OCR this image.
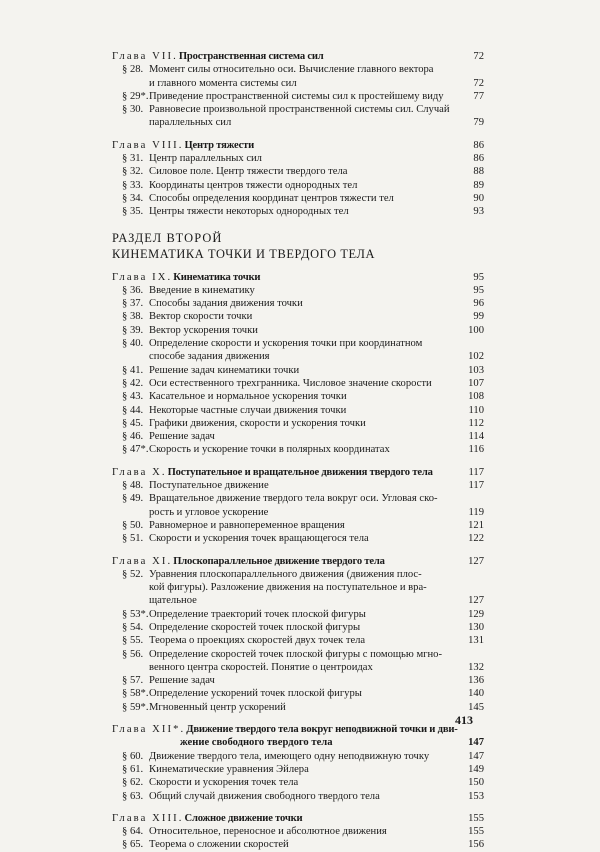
Глава VII. Пространственная система сил	72
§ 28. Момент силы относительно оси. Вычисление главного вектора
и главного момента системы сил	72
§ 29*. Приведение пространственной системы сил к простейшему виду	77
§ 30. Равновесие произвольной пространственной системы сил. Случай
параллельных сил	79
Глава VIII. Центр тяжести	86
§ 31. Центр параллельных сил	86
§ 32. Силовое поле. Центр тяжести твердого тела	88
§ 33. Координаты центров тяжести однородных тел	89
§ 34. Способы определения координат центров тяжести тел	90
§ 35. Центры тяжести некоторых однородных тел	93
РАЗДЕЛ ВТОРОЙ
КИНЕМАТИКА ТОЧКИ И ТВЕРДОГО ТЕЛА
Глава IX. Кинематика точки	95
§ 36. Введение в кинематику	95
§ 37. Способы задания движения точки	96
§ 38. Вектор скорости точки	99
§ 39. Вектор ускорения точки	100
§ 40. Определение скорости и ускорения точки при координатном
способе задания движения	102
§ 41. Решение задач кинематики точки	103
§ 42. Оси естественного трехгранника. Числовое значение скорости	107
§ 43. Касательное и нормальное ускорения точки	108
§ 44. Некоторые частные случаи движения точки	110
§ 45. Графики движения, скорости и ускорения точки	112
§ 46. Решение задач	114
§ 47*. Скорость и ускорение точки в полярных координатах	116
Глава X. Поступательное и вращательное движения твердого тела	117
§ 48. Поступательное движение	117
§ 49. Вращательное движение твердого тела вокруг оси. Угловая ско-
рость и угловое ускорение	119
§ 50. Равномерное и равнопеременное вращения	121
§ 51. Скорости и ускорения точек вращающегося тела	122
Глава XI. Плоскопараллельное движение твердого тела	127
§ 52. Уравнения плоскопараллельного движения (движения плос-
кой фигуры). Разложение движения на поступательное и вра-
щательное	127
§ 53*. Определение траекторий точек плоской фигуры	129
§ 54. Определение скоростей точек плоской фигуры	130
§ 55. Теорема о проекциях скоростей двух точек тела	131
§ 56. Определение скоростей точек плоской фигуры с помощью мгно-
венного центра скоростей. Понятие о центроидах	132
§ 57. Решение задач	136
§ 58*. Определение ускорений точек плоской фигуры	140
§ 59*. Мгновенный центр ускорений	145
Глава XII*. Движение твердого тела вокруг неподвижной точки и дви-
жение свободного твердого тела	147
§ 60. Движение твердого тела, имеющего одну неподвижную точку	147
§ 61. Кинематические уравнения Эйлера	149
§ 62. Скорости и ускорения точек тела	150
§ 63. Общий случай движения свободного твердого тела	153
Глава XIII. Сложное движение точки	155
§ 64. Относительное, переносное и абсолютное движения	155
§ 65. Теорема о сложении скоростей	156
413
